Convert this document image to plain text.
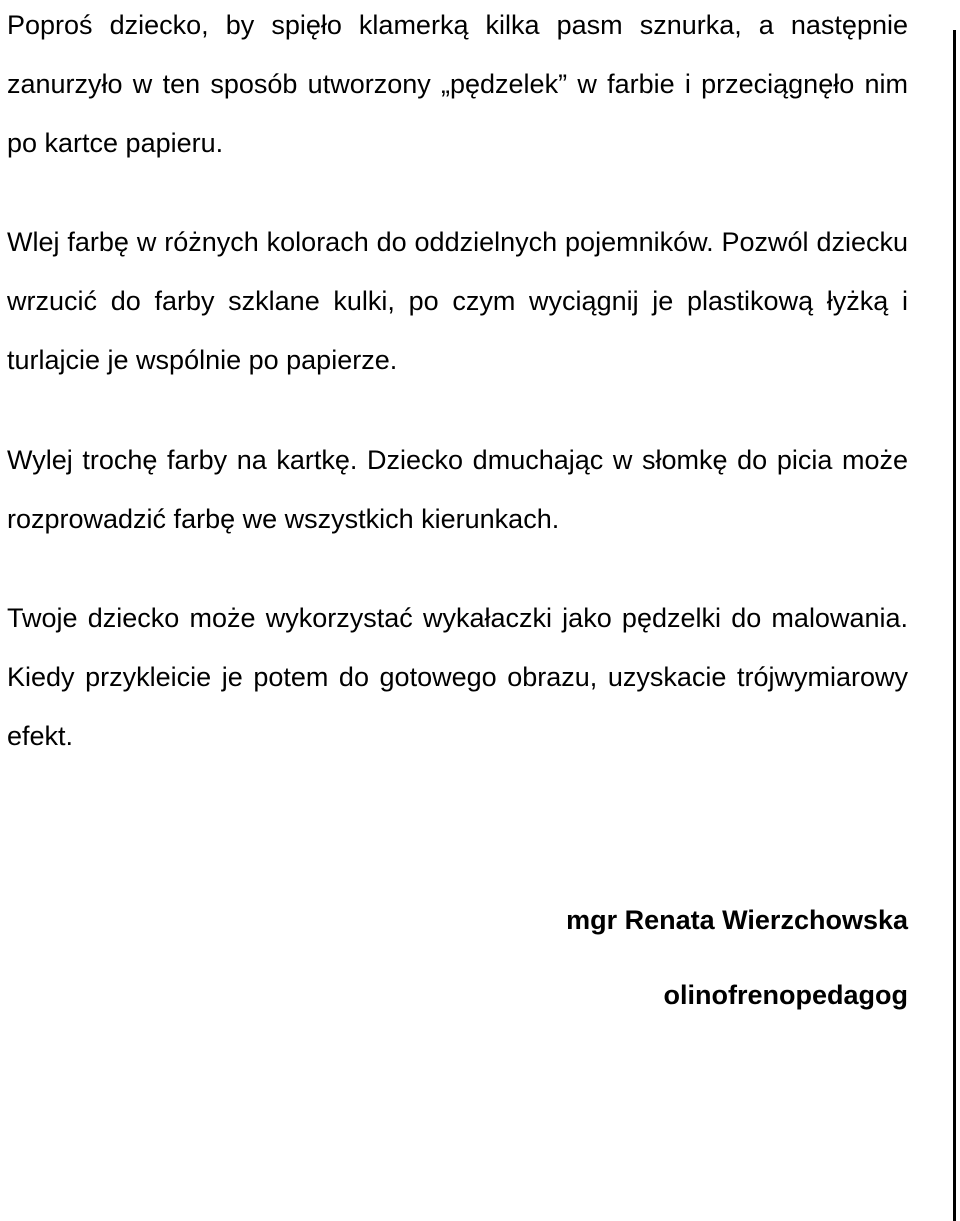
Poproś dziecko, by spięło klamerką kilka pasm sznurka, a następnie zanurzyło w ten sposób utworzony „pędzelek” w farbie i przeciągnęło nim po kartce papieru.

Wlej farbę w różnych kolorach do oddzielnych pojemników. Pozwól dziecku wrzucić do farby szklane kulki, po czym wyciągnij je plastikową łyżką i turlajcie je wspólnie po papierze.

Wylej trochę farby na kartkę. Dziecko dmuchając w słomkę do picia może rozprowadzić farbę we wszystkich kierunkach.

Twoje dziecko może wykorzystać wykałaczki jako pędzelki do malowania. Kiedy przykleicie je potem do gotowego obrazu, uzyskacie trójwymiarowy efekt.

mgr Renata Wierzchowska

olinofrenopedagog
